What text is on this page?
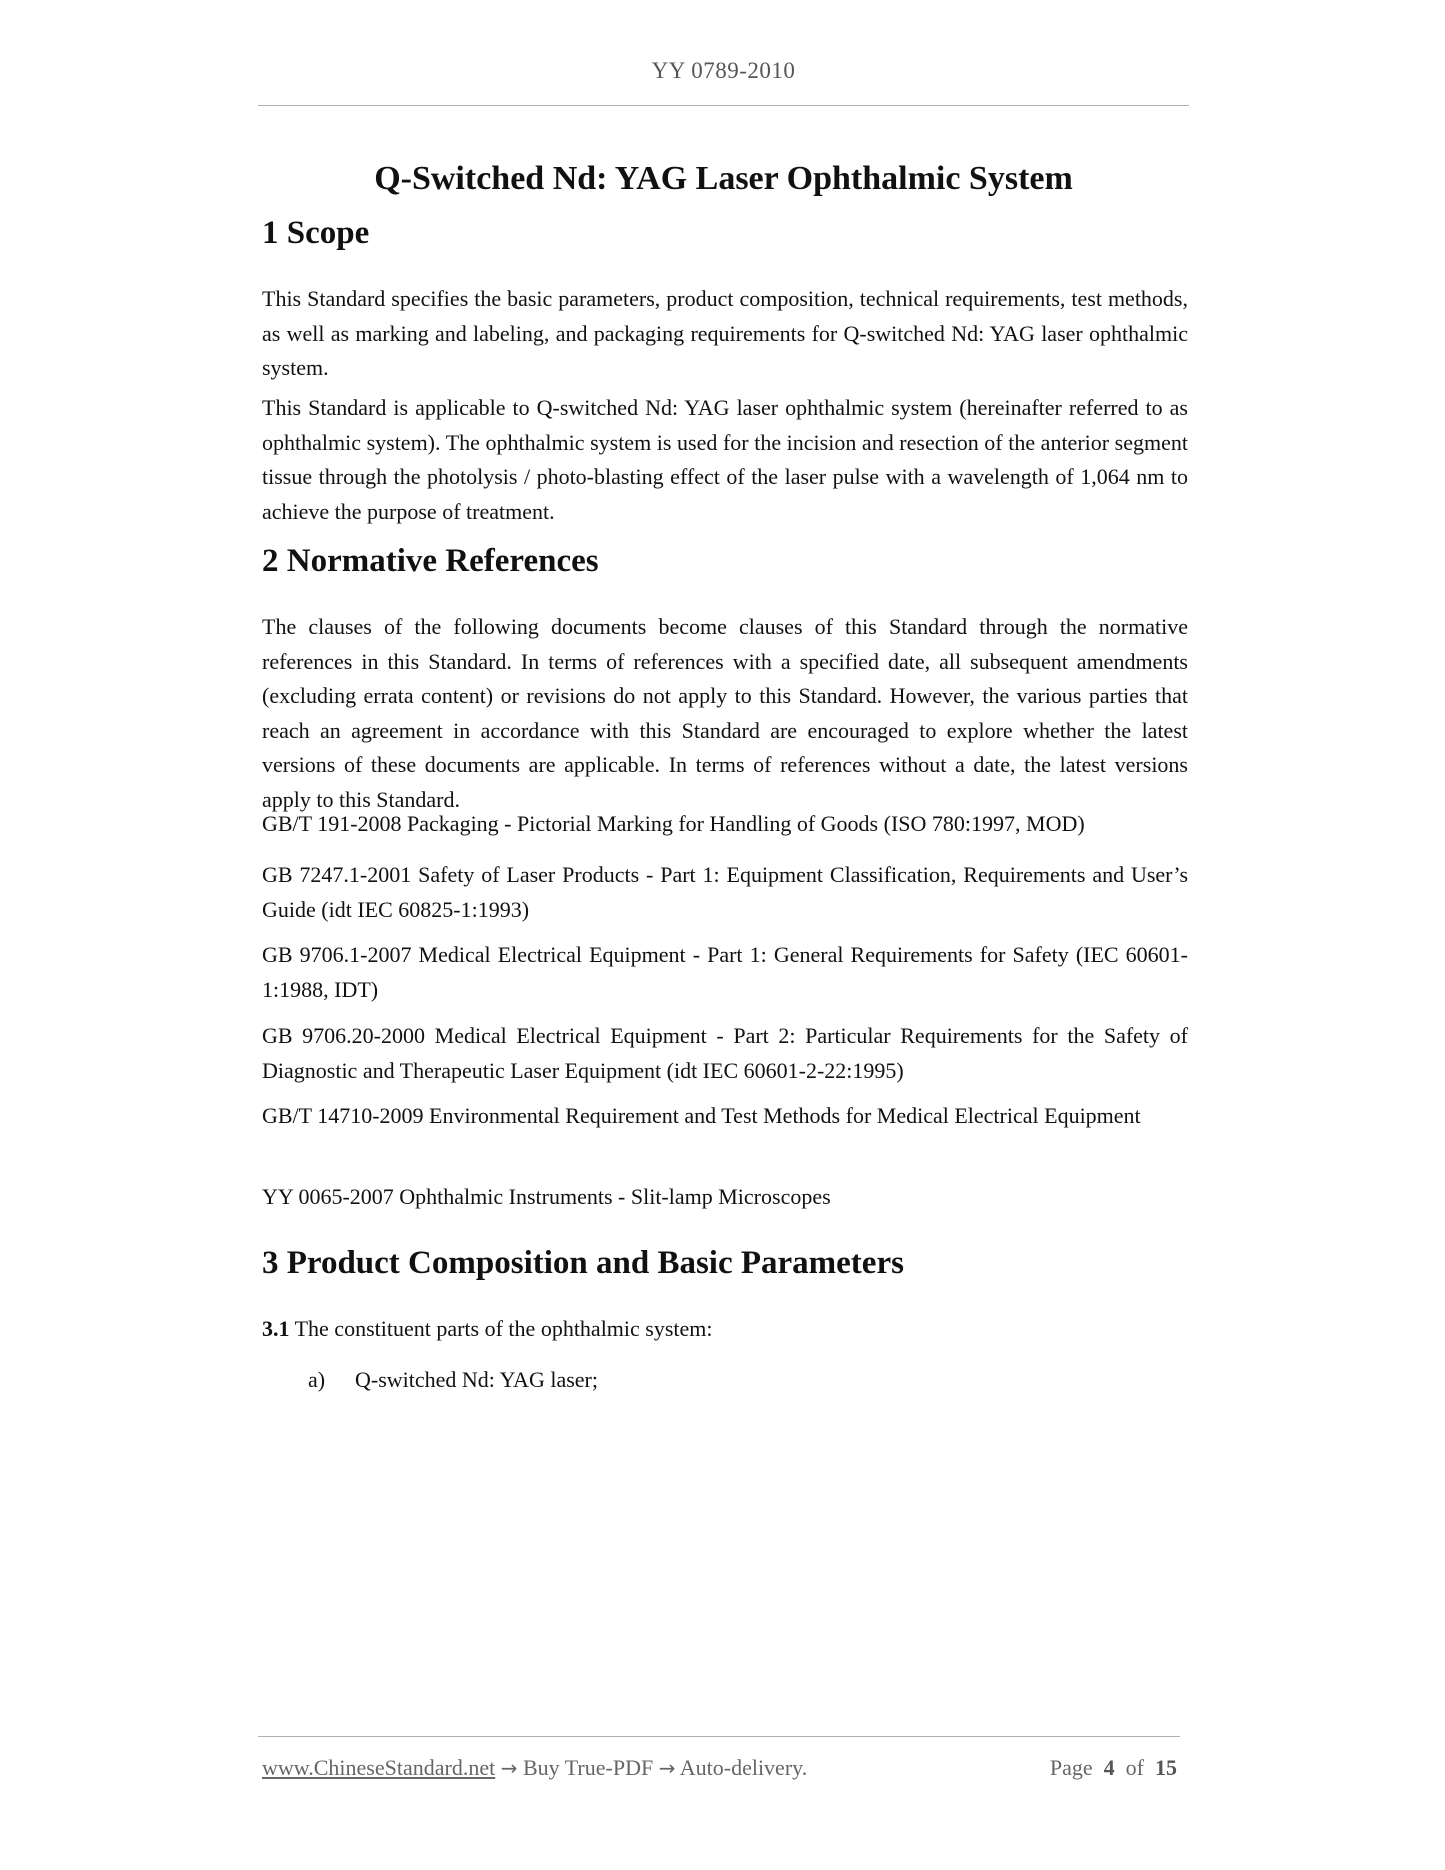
YY 0789-2010
Q-Switched Nd: YAG Laser Ophthalmic System
1 Scope

This Standard specifies the basic parameters, product composition, technical requirements, test methods, as well as marking and labeling, and packaging requirements for Q-switched Nd: YAG laser ophthalmic system.

This Standard is applicable to Q-switched Nd: YAG laser ophthalmic system (hereinafter referred to as ophthalmic system). The ophthalmic system is used for the incision and resection of the anterior segment tissue through the photolysis / photo-blasting effect of the laser pulse with a wavelength of 1,064 nm to achieve the purpose of treatment.

2 Normative References

The clauses of the following documents become clauses of this Standard through the normative references in this Standard. In terms of references with a specified date, all subsequent amendments (excluding errata content) or revisions do not apply to this Standard. However, the various parties that reach an agreement in accordance with this Standard are encouraged to explore whether the latest versions of these documents are applicable. In terms of references without a date, the latest versions apply to this Standard.

GB/T 191-2008 Packaging - Pictorial Marking for Handling of Goods (ISO 780:1997, MOD)

GB 7247.1-2001 Safety of Laser Products - Part 1: Equipment Classification, Requirements and User’s Guide (idt IEC 60825-1:1993)

GB 9706.1-2007 Medical Electrical Equipment - Part 1: General Requirements for Safety (IEC 60601-1:1988, IDT)

GB 9706.20-2000 Medical Electrical Equipment - Part 2: Particular Requirements for the Safety of Diagnostic and Therapeutic Laser Equipment (idt IEC 60601-2-22:1995)

GB/T 14710-2009 Environmental Requirement and Test Methods for Medical Electrical Equipment

YY 0065-2007 Ophthalmic Instruments - Slit-lamp Microscopes

3 Product Composition and Basic Parameters

3.1 The constituent parts of the ophthalmic system:

a) Q-switched Nd: YAG laser;
www.ChineseStandard.net → Buy True-PDF → Auto-delivery.	Page 4 of 15
